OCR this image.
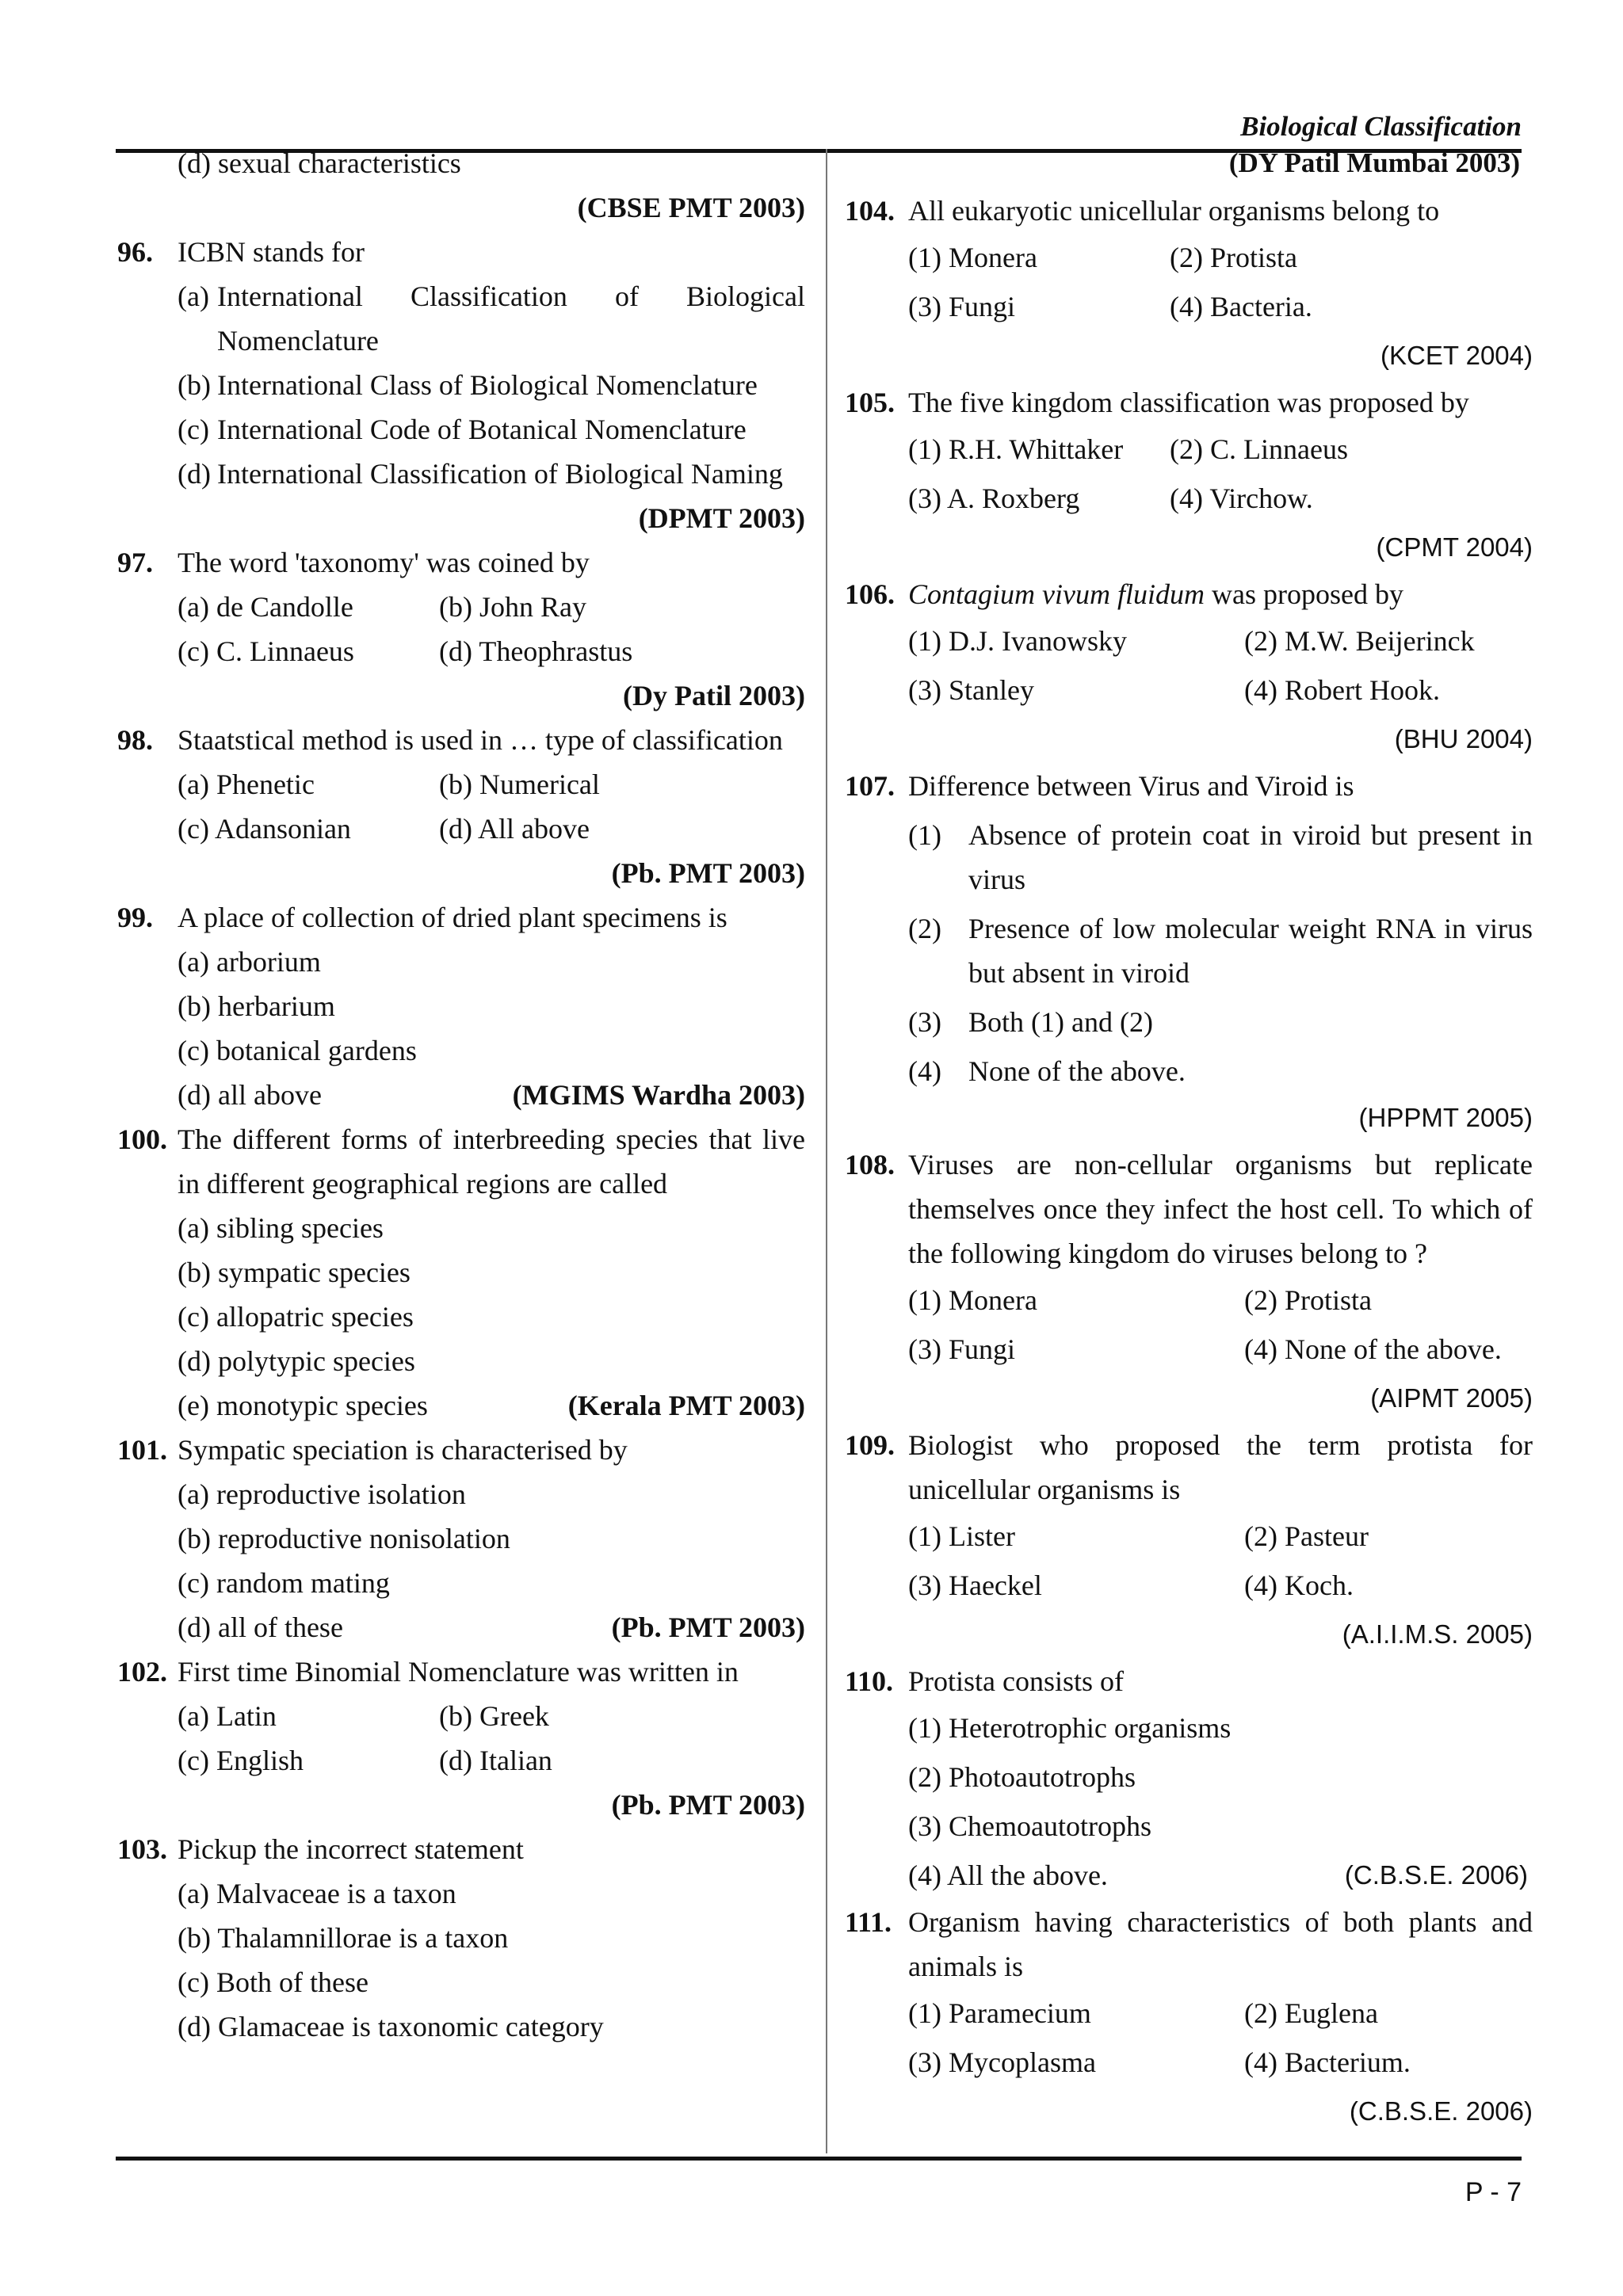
Biological Classification
(DY Patil Mumbai 2003)
(d) sexual characteristics
(CBSE PMT 2003)
96. ICBN stands for
(a) International Classification of Biological Nomenclature
(b) International Class of Biological Nomenclature
(c) International Code of Botanical Nomenclature
(d) International Classification of Biological Naming
(DPMT 2003)
97. The word 'taxonomy' was coined by
(a) de Candolle	(b) John Ray
(c) C. Linnaeus	(d) Theophrastus
(Dy Patil 2003)
98. Staatstical method is used in … type of classification
(a) Phenetic	(b) Numerical
(c) Adansonian	(d) All above
(Pb. PMT 2003)
99. A place of collection of dried plant specimens is
(a) arborium
(b) herbarium
(c) botanical gardens
(d) all above	(MGIMS Wardha 2003)
100. The different forms of interbreeding species that live in different geographical regions are called
(a) sibling species
(b) sympatic species
(c) allopatric species
(d) polytypic species
(e) monotypic species	(Kerala PMT 2003)
101. Sympatic speciation is characterised by
(a) reproductive isolation
(b) reproductive nonisolation
(c) random mating
(d) all of these	(Pb. PMT 2003)
102. First time Binomial Nomenclature was written in
(a) Latin	(b) Greek
(c) English	(d) Italian
(Pb. PMT 2003)
103. Pickup the incorrect statement
(a) Malvaceae is a taxon
(b) Thalamnillorae is a taxon
(c) Both of these
(d) Glamaceae is taxonomic category
104. All eukaryotic unicellular organisms belong to
(1) Monera	(2) Protista
(3) Fungi	(4) Bacteria.
(KCET 2004)
105. The five kingdom classification was proposed by
(1) R.H. Whittaker	(2) C. Linnaeus
(3) A. Roxberg	(4) Virchow.
(CPMT 2004)
106. Contagium vivum fluidum was proposed by
(1) D.J. Ivanowsky	(2) M.W. Beijerinck
(3) Stanley	(4) Robert Hook.
(BHU 2004)
107. Difference between Virus and Viroid is
(1) Absence of protein coat in viroid but present in virus
(2) Presence of low molecular weight RNA in virus but absent in viroid
(3) Both (1) and (2)
(4) None of the above.
(HPPMT 2005)
108. Viruses are non-cellular organisms but replicate themselves once they infect the host cell. To which of the following kingdom do viruses belong to ?
(1) Monera	(2) Protista
(3) Fungi	(4) None of the above.
(AIPMT 2005)
109. Biologist who proposed the term protista for unicellular organisms is
(1) Lister	(2) Pasteur
(3) Haeckel	(4) Koch.
(A.I.I.M.S. 2005)
110. Protista consists of
(1) Heterotrophic organisms
(2) Photoautotrophs
(3) Chemoautotrophs
(4) All the above.	(C.B.S.E. 2006)
111. Organism having characteristics of both plants and animals is
(1) Paramecium	(2) Euglena
(3) Mycoplasma	(4) Bacterium.
(C.B.S.E. 2006)
P - 7
